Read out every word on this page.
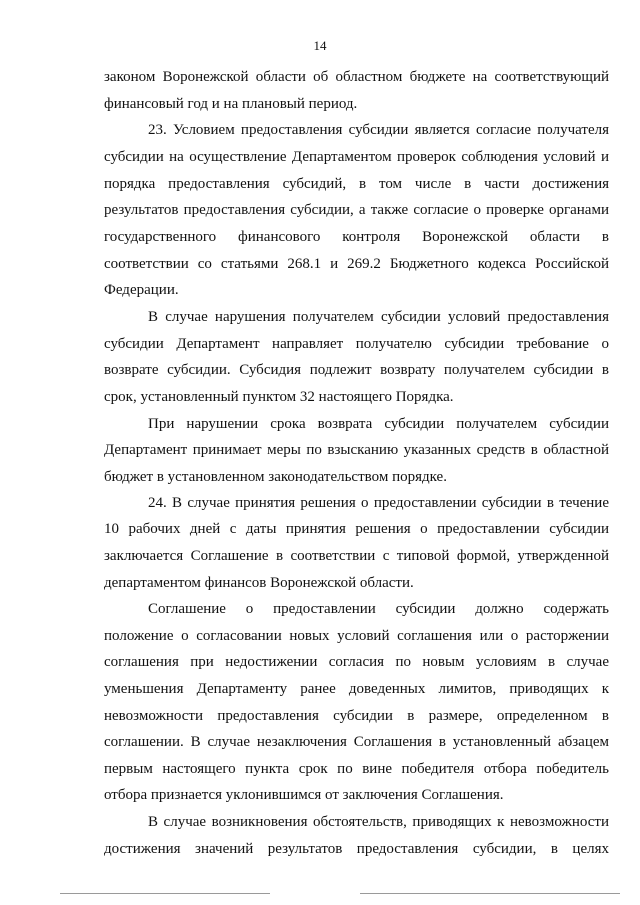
14
законом Воронежской области об областном бюджете на соответствующий
финансовый год и на плановый период.
23. Условием предоставления субсидии является согласие получателя
субсидии на осуществление Департаментом проверок соблюдения условий и
порядка предоставления субсидий, в том числе в части достижения
результатов предоставления субсидии, а также согласие о проверке органами
государственного финансового контроля Воронежской области в
соответствии со статьями 268.1 и 269.2 Бюджетного кодекса Российской
Федерации.
В случае нарушения получателем субсидии условий предоставления
субсидии Департамент направляет получателю субсидии требование о
возврате субсидии. Субсидия подлежит возврату получателем субсидии в
срок, установленный пунктом 32 настоящего Порядка.
При нарушении срока возврата субсидии получателем субсидии
Департамент принимает меры по взысканию указанных средств в областной
бюджет в установленном законодательством порядке.
24. В случае принятия решения о предоставлении субсидии в течение
10 рабочих дней с даты принятия решения о предоставлении субсидии
заключается Соглашение в соответствии с типовой формой, утвержденной
департаментом финансов Воронежской области.
Соглашение о предоставлении субсидии должно содержать
положение о согласовании новых условий соглашения или о расторжении
соглашения при недостижении согласия по новым условиям в случае
уменьшения Департаменту ранее доведенных лимитов, приводящих к
невозможности предоставления субсидии в размере, определенном в
соглашении. В случае незаключения Соглашения в установленный абзацем
первым настоящего пункта срок по вине победителя отбора победитель
отбора признается уклонившимся от заключения Соглашения.
В случае возникновения обстоятельств, приводящих к невозможности
достижения значений результатов предоставления субсидии, в целях
